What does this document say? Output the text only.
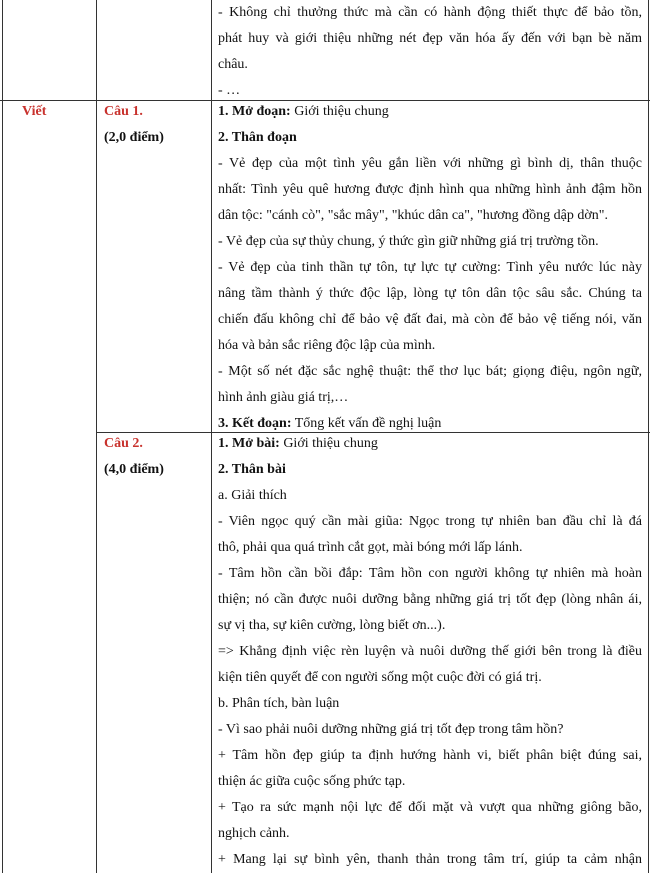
- Không chỉ thưởng thức mà cần có hành động thiết thực để bảo tồn,
phát huy và giới thiệu những nét đẹp văn hóa ấy đến với bạn bè năm
châu.
- …
Viết	Câu 1.
(2,0 điểm)
1. Mở đoạn: Giới thiệu chung
2. Thân đoạn
- Vẻ đẹp của một tình yêu gắn liền với những gì bình dị, thân thuộc
nhất: Tình yêu quê hương được định hình qua những hình ảnh đậm hồn
dân tộc: "cánh cò", "sắc mây", "khúc dân ca", "hương đồng dập dờn".
- Vẻ đẹp của sự thủy chung, ý thức gìn giữ những giá trị trường tồn.
- Vẻ đẹp của tinh thần tự tôn, tự lực tự cường: Tình yêu nước lúc này
nâng tầm thành ý thức độc lập, lòng tự tôn dân tộc sâu sắc. Chúng ta
chiến đấu không chỉ để bảo vệ đất đai, mà còn để bảo vệ tiếng nói, văn
hóa và bản sắc riêng độc lập của mình.
- Một số nét đặc sắc nghệ thuật: thể thơ lục bát; giọng điệu, ngôn ngữ,
hình ảnh giàu giá trị,…
3. Kết đoạn: Tổng kết vấn đề nghị luận
Câu 2.
(4,0 điểm)
1. Mở bài: Giới thiệu chung
2. Thân bài
a. Giải thích
- Viên ngọc quý cần mài giũa: Ngọc trong tự nhiên ban đầu chỉ là đá
thô, phải qua quá trình cắt gọt, mài bóng mới lấp lánh.
- Tâm hồn cần bồi đắp: Tâm hồn con người không tự nhiên mà hoàn
thiện; nó cần được nuôi dưỡng bằng những giá trị tốt đẹp (lòng nhân ái,
sự vị tha, sự kiên cường, lòng biết ơn...).
=> Khẳng định việc rèn luyện và nuôi dưỡng thế giới bên trong là điều
kiện tiên quyết để con người sống một cuộc đời có giá trị.
b. Phân tích, bàn luận
- Vì sao phải nuôi dưỡng những giá trị tốt đẹp trong tâm hồn?
+ Tâm hồn đẹp giúp ta định hướng hành vi, biết phân biệt đúng sai,
thiện ác giữa cuộc sống phức tạp.
+ Tạo ra sức mạnh nội lực để đối mặt và vượt qua những giông bão,
nghịch cảnh.
+ Mang lại sự bình yên, thanh thản trong tâm trí, giúp ta cảm nhận
